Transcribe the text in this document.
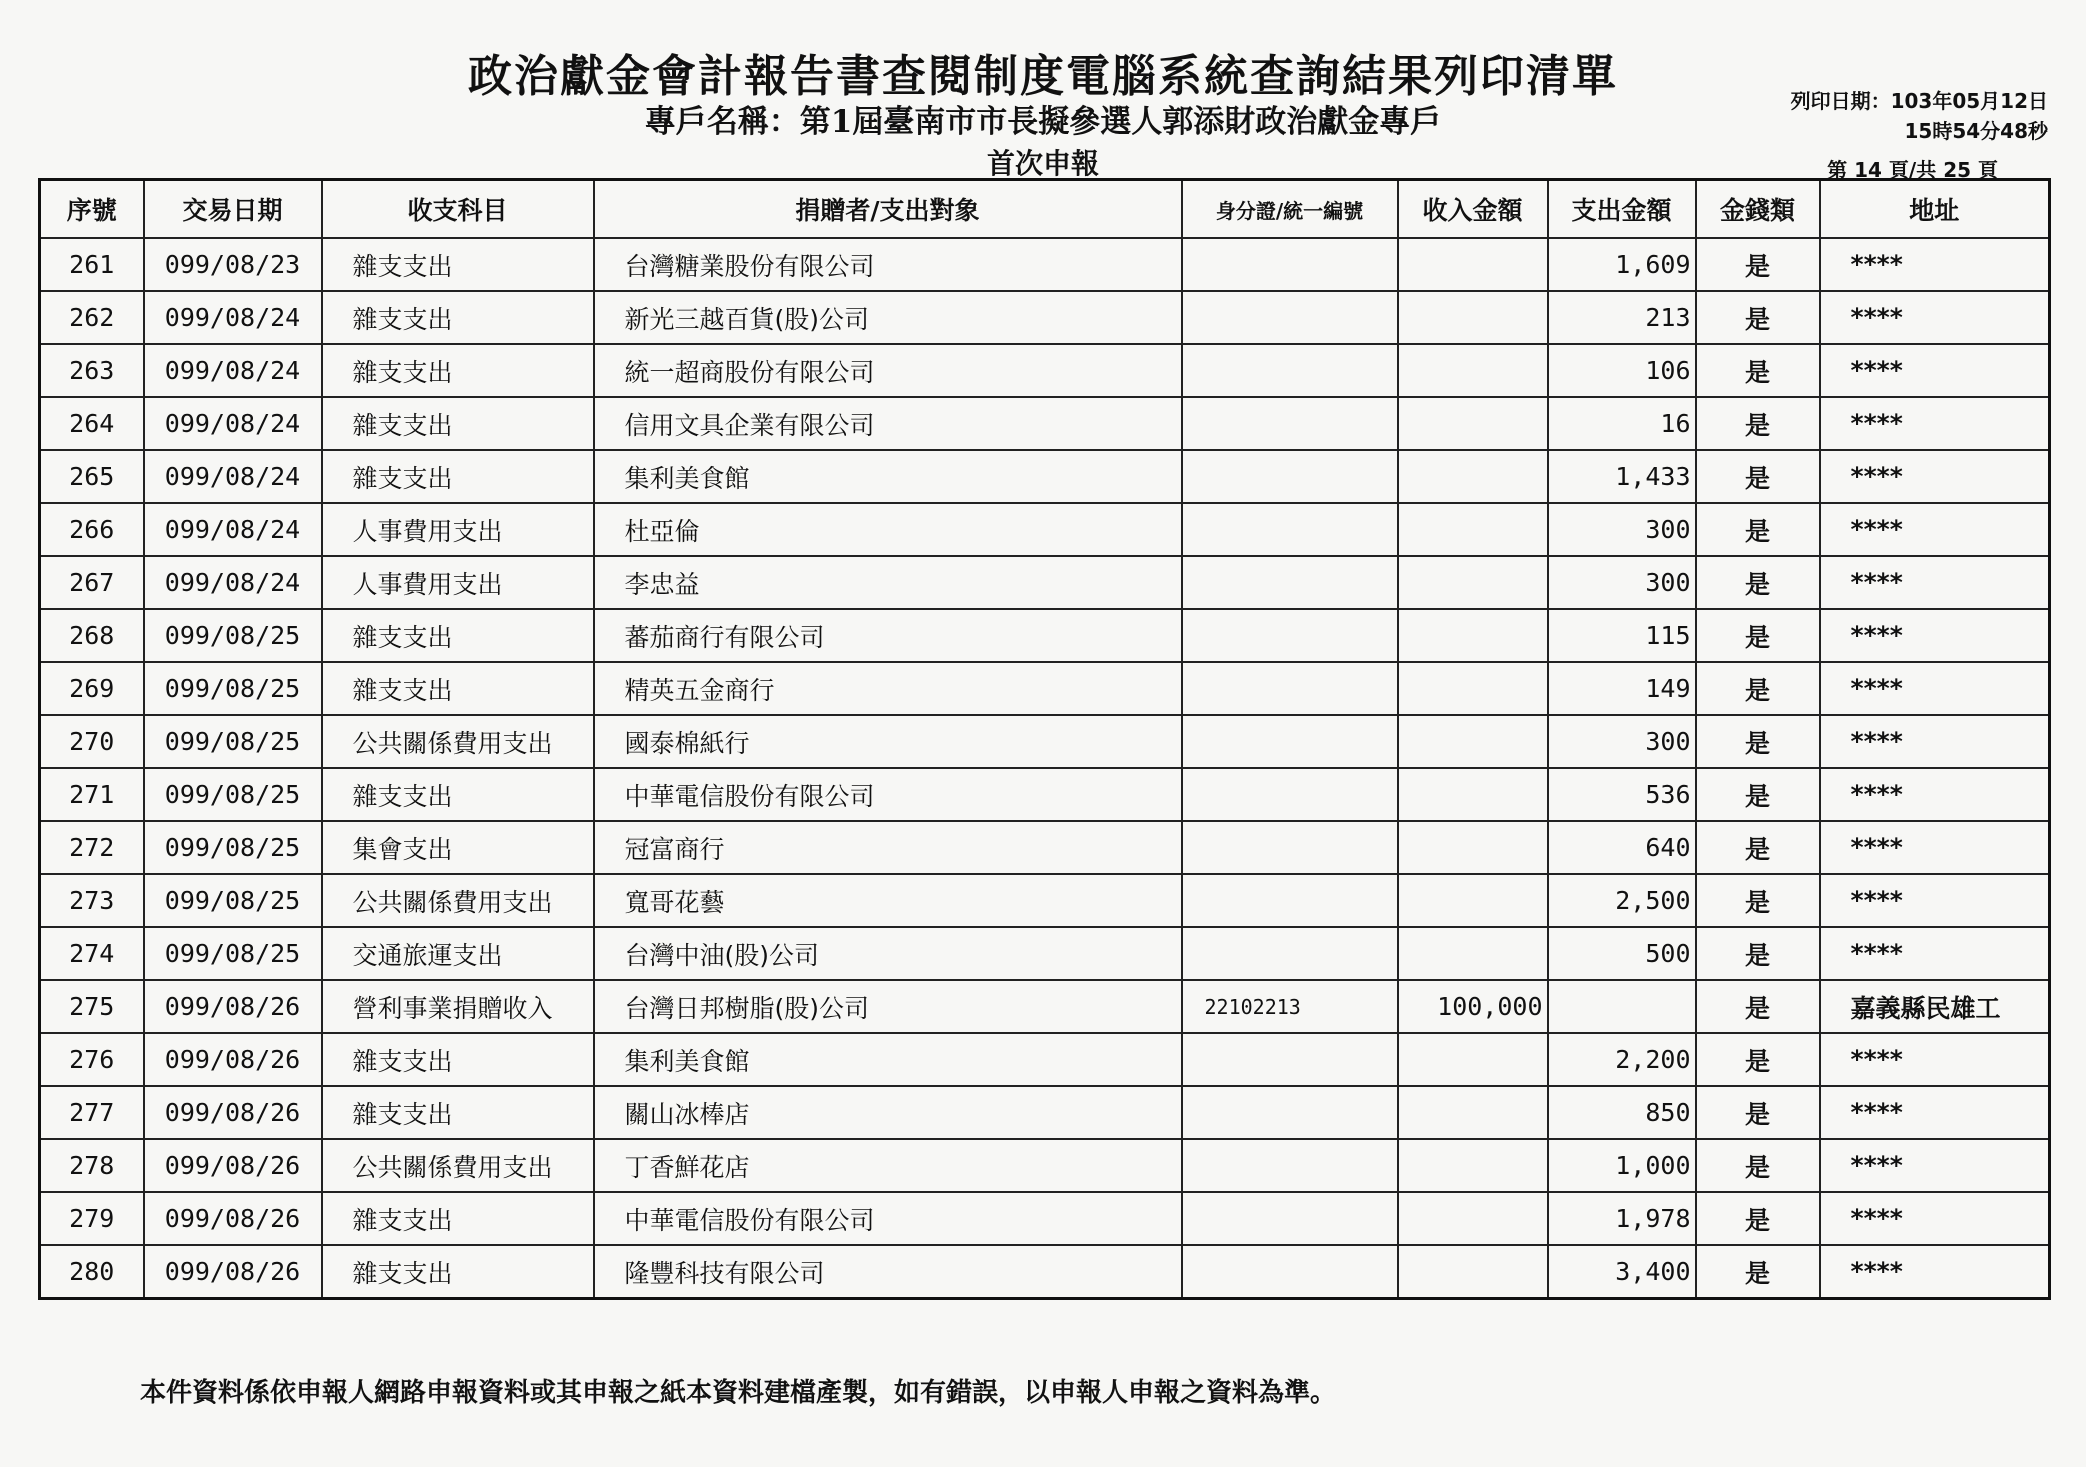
政治獻金會計報告書查閱制度電腦系統查詢結果列印清單
專戶名稱：第1屆臺南市市長擬參選人郭添財政治獻金專戶
首次申報
列印日期：103年05月12日
15時54分48秒
第 14 頁/共 25 頁
序號	交易日期	收支科目	捐贈者/支出對象	身分證/統一編號	收入金額	支出金額	金錢類	地址
261	099/08/23	雜支支出	台灣糖業股份有限公司			1,609	是	****
262	099/08/24	雜支支出	新光三越百貨(股)公司			213	是	****
263	099/08/24	雜支支出	統一超商股份有限公司			106	是	****
264	099/08/24	雜支支出	信用文具企業有限公司			16	是	****
265	099/08/24	雜支支出	集利美食館			1,433	是	****
266	099/08/24	人事費用支出	杜亞倫			300	是	****
267	099/08/24	人事費用支出	李忠益			300	是	****
268	099/08/25	雜支支出	蕃茄商行有限公司			115	是	****
269	099/08/25	雜支支出	精英五金商行			149	是	****
270	099/08/25	公共關係費用支出	國泰棉紙行			300	是	****
271	099/08/25	雜支支出	中華電信股份有限公司			536	是	****
272	099/08/25	集會支出	冠富商行			640	是	****
273	099/08/25	公共關係費用支出	寬哥花藝			2,500	是	****
274	099/08/25	交通旅運支出	台灣中油(股)公司			500	是	****
275	099/08/26	營利事業捐贈收入	台灣日邦樹脂(股)公司	22102213	100,000		是	嘉義縣民雄工
276	099/08/26	雜支支出	集利美食館			2,200	是	****
277	099/08/26	雜支支出	關山冰棒店			850	是	****
278	099/08/26	公共關係費用支出	丁香鮮花店			1,000	是	****
279	099/08/26	雜支支出	中華電信股份有限公司			1,978	是	****
280	099/08/26	雜支支出	隆豐科技有限公司			3,400	是	****
本件資料係依申報人網路申報資料或其申報之紙本資料建檔產製，如有錯誤，以申報人申報之資料為準。
